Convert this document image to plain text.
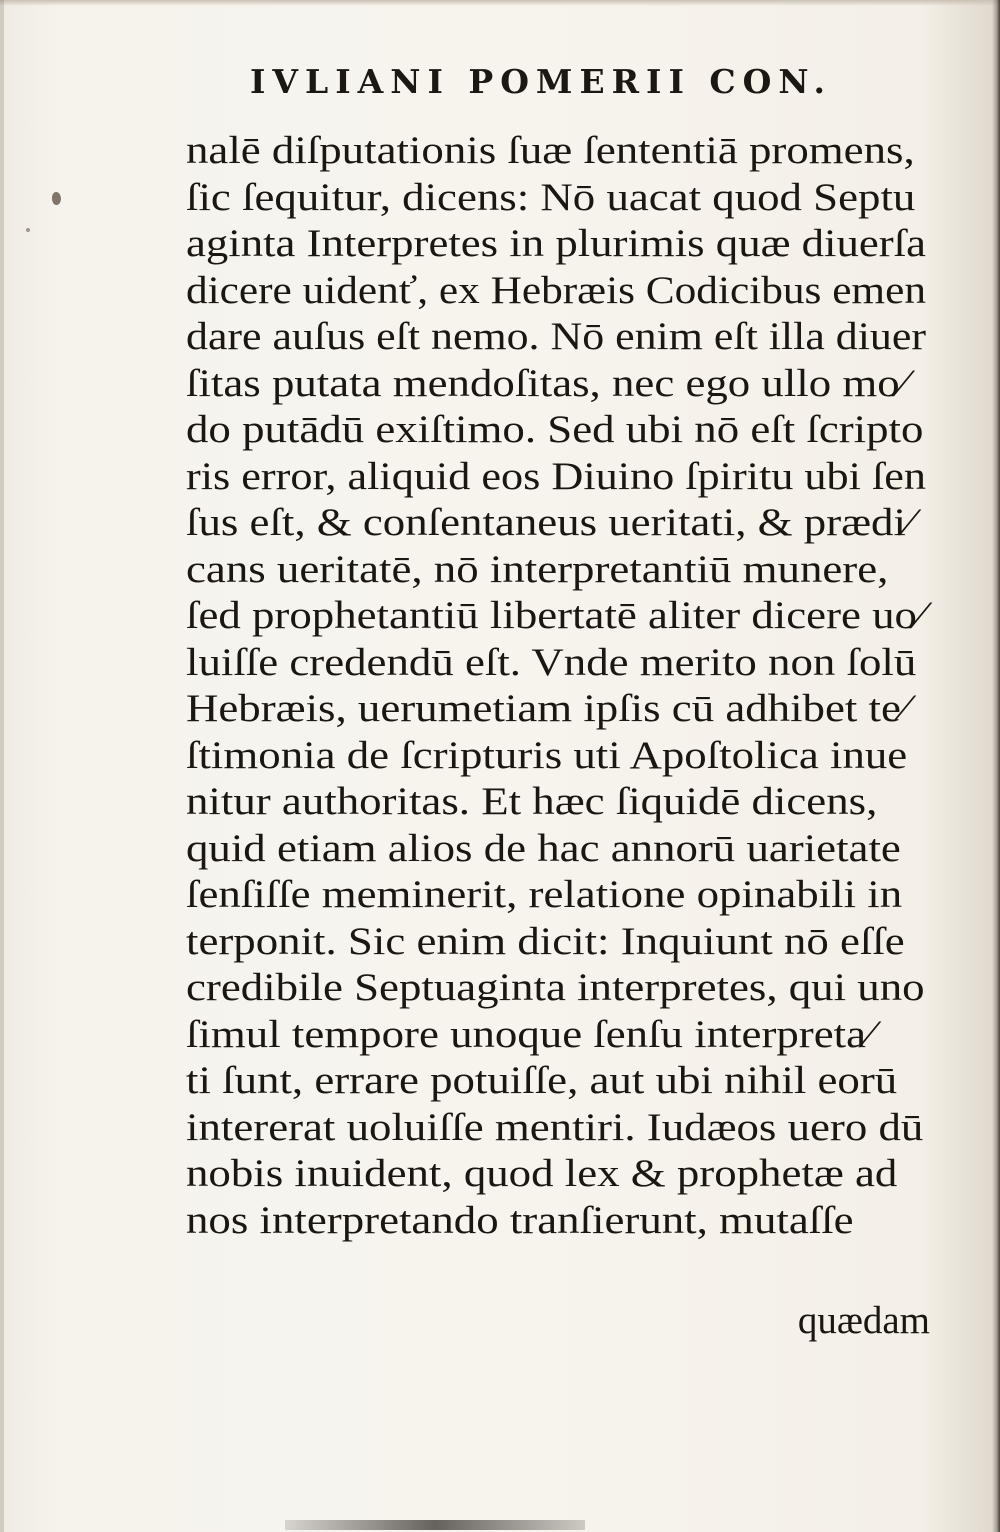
IVLIANI POMERII CON.
nalē diſputationis ſuæ ſententiā promens,
ſic ſequitur, dicens: Nō uacat quod Septu
aginta Interpretes in plurimis quæ diuerſa
dicere uidenť, ex Hebræis Codicibus emen
dare auſus eſt nemo. Nō enim eſt illa diuer
ſitas putata mendoſitas, nec ego ullo mo⁄
do putādū exiſtimo. Sed ubi nō eſt ſcripto
ris error, aliquid eos Diuino ſpiritu ubi ſen
ſus eſt, & conſentaneus ueritati, & prædi⁄
cans ueritatē, nō interpretantiū munere,
ſed prophetantiū libertatē aliter dicere uo⁄
luiſſe credendū eſt. Vnde merito non ſolū
Hebræis, uerumetiam ipſis cū adhibet te⁄
ſtimonia de ſcripturis uti Apoſtolica inue
nitur authoritas. Et hæc ſiquidē dicens,
quid etiam alios de hac annorū uarietate
ſenſiſſe meminerit, relatione opinabili in
terponit. Sic enim dicit: Inquiunt nō eſſe
credibile Septuaginta interpretes, qui uno
ſimul tempore unoque ſenſu interpreta⁄
ti ſunt, errare potuiſſe, aut ubi nihil eorū
intererat uoluiſſe mentiri. Iudæos uero dū
nobis inuident, quod lex & prophetæ ad
nos interpretando tranſierunt, mutaſſe
quædam
